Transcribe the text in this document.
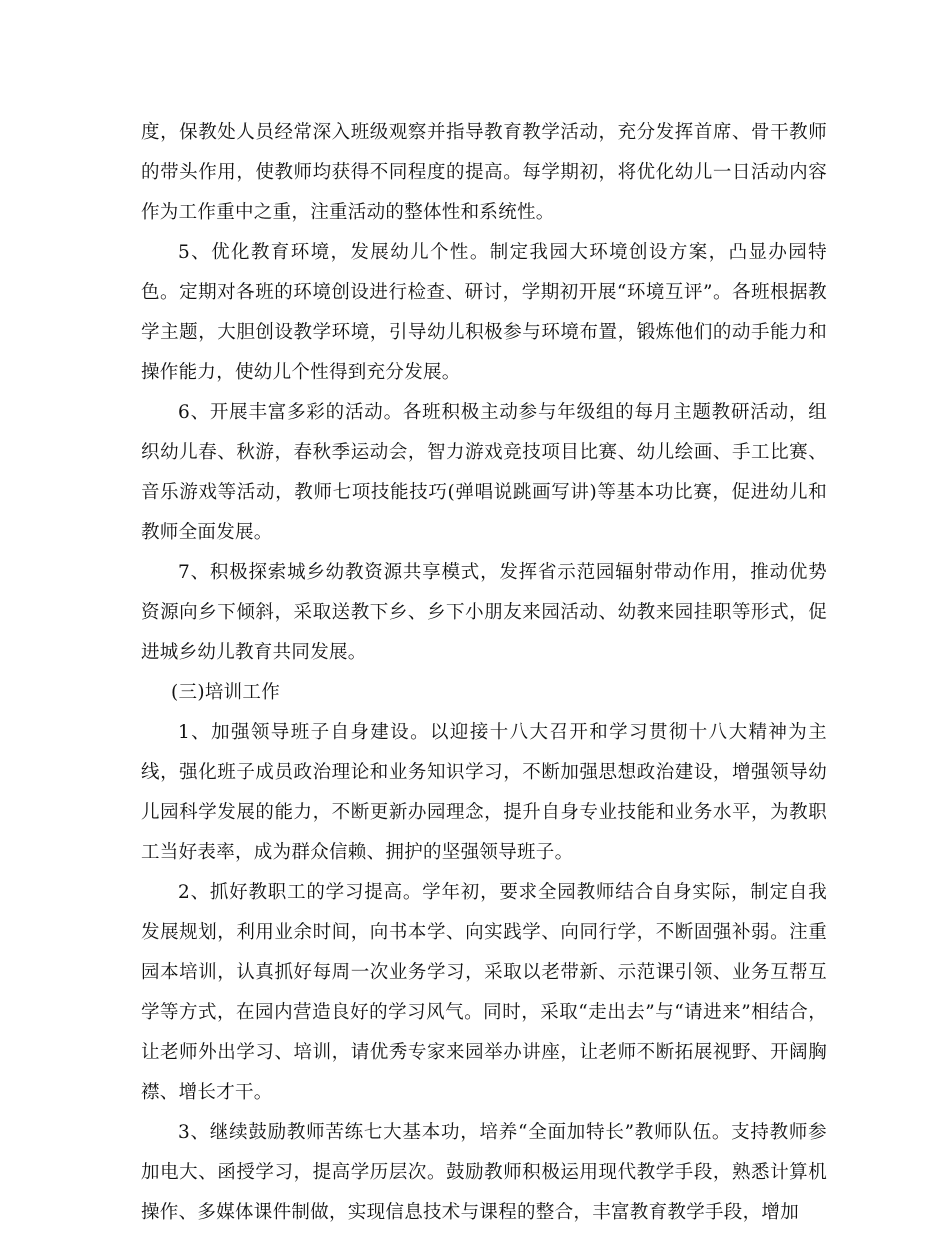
度，保教处人员经常深入班级观察并指导教育教学活动，充分发挥首席、骨干教师的带头作用，使教师均获得不同程度的提高。每学期初，将优化幼儿一日活动内容作为工作重中之重，注重活动的整体性和系统性。

5、优化教育环境，发展幼儿个性。制定我园大环境创设方案，凸显办园特色。定期对各班的环境创设进行检查、研讨，学期初开展“环境互评”。各班根据教学主题，大胆创设教学环境，引导幼儿积极参与环境布置，锻炼他们的动手能力和操作能力，使幼儿个性得到充分发展。

6、开展丰富多彩的活动。各班积极主动参与年级组的每月主题教研活动，组织幼儿春、秋游，春秋季运动会，智力游戏竞技项目比赛、幼儿绘画、手工比赛、音乐游戏等活动，教师七项技能技巧(弹唱说跳画写讲)等基本功比赛，促进幼儿和教师全面发展。

7、积极探索城乡幼教资源共享模式，发挥省示范园辐射带动作用，推动优势资源向乡下倾斜，采取送教下乡、乡下小朋友来园活动、幼教来园挂职等形式，促进城乡幼儿教育共同发展。

(三)培训工作

1、加强领导班子自身建设。以迎接十八大召开和学习贯彻十八大精神为主线，强化班子成员政治理论和业务知识学习，不断加强思想政治建设，增强领导幼儿园科学发展的能力，不断更新办园理念，提升自身专业技能和业务水平，为教职工当好表率，成为群众信赖、拥护的坚强领导班子。

2、抓好教职工的学习提高。学年初，要求全园教师结合自身实际，制定自我发展规划，利用业余时间，向书本学、向实践学、向同行学，不断固强补弱。注重园本培训，认真抓好每周一次业务学习，采取以老带新、示范课引领、业务互帮互学等方式，在园内营造良好的学习风气。同时，采取“走出去”与“请进来”相结合，让老师外出学习、培训，请优秀专家来园举办讲座，让老师不断拓展视野、开阔胸襟、增长才干。

3、继续鼓励教师苦练七大基本功，培养“全面加特长”教师队伍。支持教师参加电大、函授学习，提高学历层次。鼓励教师积极运用现代教学手段，熟悉计算机操作、多媒体课件制做，实现信息技术与课程的整合，丰富教育教学手段，增加
